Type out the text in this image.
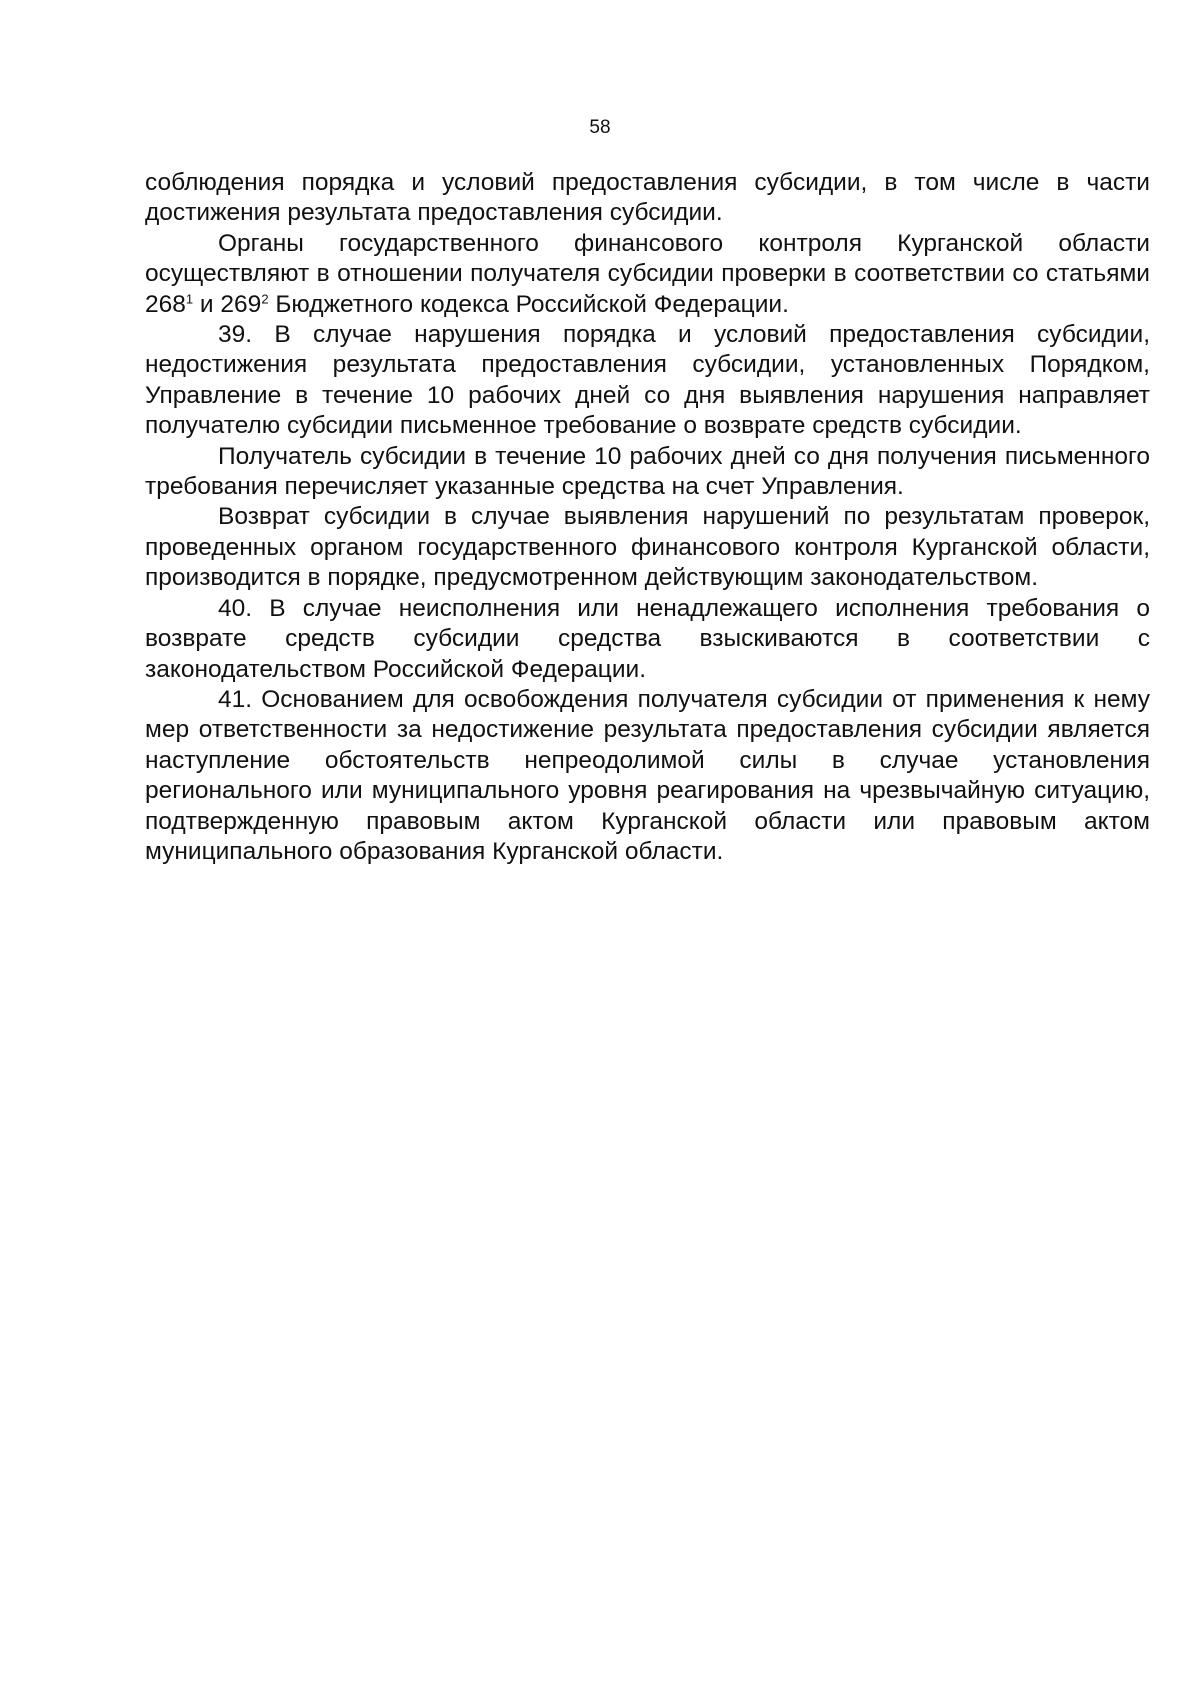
58

соблюдения порядка и условий предоставления субсидии, в том числе в части достижения результата предоставления субсидии.

Органы государственного финансового контроля Курганской области осуществляют в отношении получателя субсидии проверки в соответствии со статьями $268^1$ и $269^2$ Бюджетного кодекса Российской Федерации.

39. В случае нарушения порядка и условий предоставления субсидии, недостижения результата предоставления субсидии, установленных Порядком, Управление в течение 10 рабочих дней со дня выявления нарушения направляет получателю субсидии письменное требование о возврате средств субсидии.

Получатель субсидии в течение 10 рабочих дней со дня получения письменного требования перечисляет указанные средства на счет Управления.

Возврат субсидии в случае выявления нарушений по результатам проверок, проведенных органом государственного финансового контроля Курганской области, производится в порядке, предусмотренном действующим законодательством.

40. В случае неисполнения или ненадлежащего исполнения требования о возврате средств субсидии средства взыскиваются в соответствии с законодательством Российской Федерации.

41. Основанием для освобождения получателя субсидии от применения к нему мер ответственности за недостижение результата предоставления субсидии является наступление обстоятельств непреодолимой силы в случае установления регионального или муниципального уровня реагирования на чрезвычайную ситуацию, подтвержденную правовым актом Курганской области или правовым актом муниципального образования Курганской области.
